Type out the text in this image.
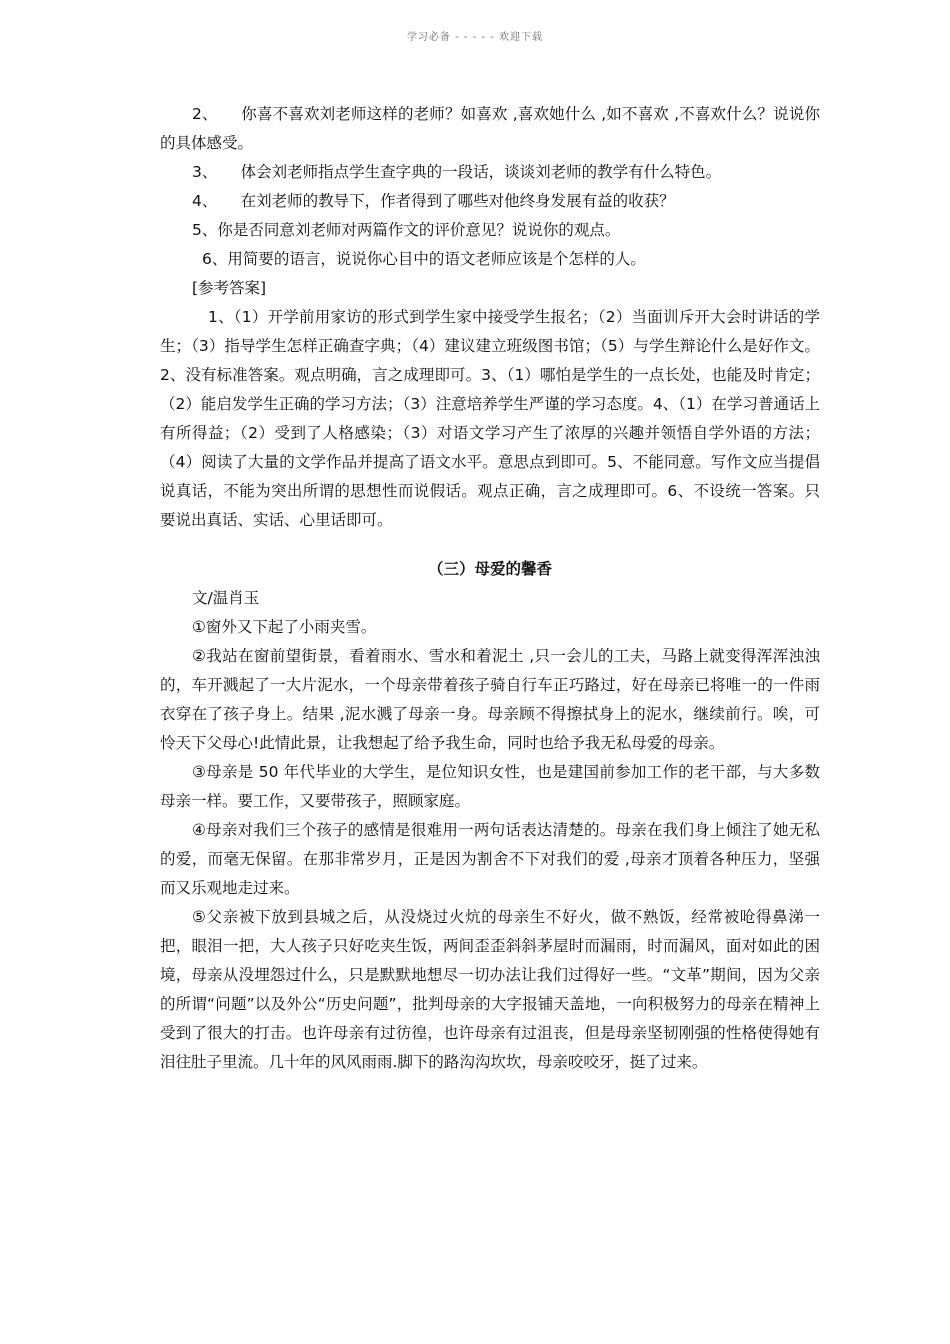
学习必备 - - - - - 欢迎下载

2、　　你喜不喜欢刘老师这样的老师？如喜欢 ,喜欢她什么 ,如不喜欢 ,不喜欢什么？说说你的具体感受。

3、　　体会刘老师指点学生查字典的一段话，谈谈刘老师的教学有什么特色。

4、　　在刘老师的教导下，作者得到了哪些对他终身发展有益的收获？

5、你是否同意刘老师对两篇作文的评价意见？说说你的观点。

6、用简要的语言，说说你心目中的语文老师应该是个怎样的人。

[参考答案]

1、（1）开学前用家访的形式到学生家中接受学生报名；（2）当面训斥开大会时讲话的学生；（3）指导学生怎样正确查字典；（4）建议建立班级图书馆；（5）与学生辩论什么是好作文。2、没有标准答案。观点明确，言之成理即可。3、（1）哪怕是学生的一点长处，也能及时肯定；（2）能启发学生正确的学习方法；（3）注意培养学生严谨的学习态度。4、（1）在学习普通话上有所得益；（2）受到了人格感染；（3）对语文学习产生了浓厚的兴趣并领悟自学外语的方法；（4）阅读了大量的文学作品并提高了语文水平。意思点到即可。5、不能同意。写作文应当提倡说真话，不能为突出所谓的思想性而说假话。观点正确，言之成理即可。6、不设统一答案。只要说出真话、实话、心里话即可。

（三）母爱的馨香

文/温肖玉

①窗外又下起了小雨夹雪。

②我站在窗前望街景，看着雨水、雪水和着泥土 ,只一会儿的工夫，马路上就变得浑浑浊浊的，车开溅起了一大片泥水，一个母亲带着孩子骑自行车正巧路过，好在母亲已将唯一的一件雨衣穿在了孩子身上。结果 ,泥水溅了母亲一身。母亲顾不得擦拭身上的泥水，继续前行。唉，可怜天下父母心!此情此景，让我想起了给予我生命，同时也给予我无私母爱的母亲。

③母亲是 50 年代毕业的大学生，是位知识女性，也是建国前参加工作的老干部，与大多数母亲一样。要工作，又要带孩子，照顾家庭。

④母亲对我们三个孩子的感情是很难用一两句话表达清楚的。母亲在我们身上倾注了她无私的爱，而毫无保留。在那非常岁月，正是因为割舍不下对我们的爱 ,母亲才顶着各种压力，坚强而又乐观地走过来。

⑤父亲被下放到县城之后，从没烧过火炕的母亲生不好火，做不熟饭，经常被呛得鼻涕一把，眼泪一把，大人孩子只好吃夹生饭，两间歪歪斜斜茅屋时而漏雨，时而漏风，面对如此的困境，母亲从没埋怨过什么，只是默默地想尽一切办法让我们过得好一些。“文革”期间，因为父亲的所谓“问题”以及外公“历史问题”，批判母亲的大字报铺天盖地，一向积极努力的母亲在精神上受到了很大的打击。也许母亲有过彷徨，也许母亲有过沮丧，但是母亲坚韧刚强的性格使得她有泪往肚子里流。几十年的风风雨雨.脚下的路沟沟坎坎，母亲咬咬牙，挺了过来。
